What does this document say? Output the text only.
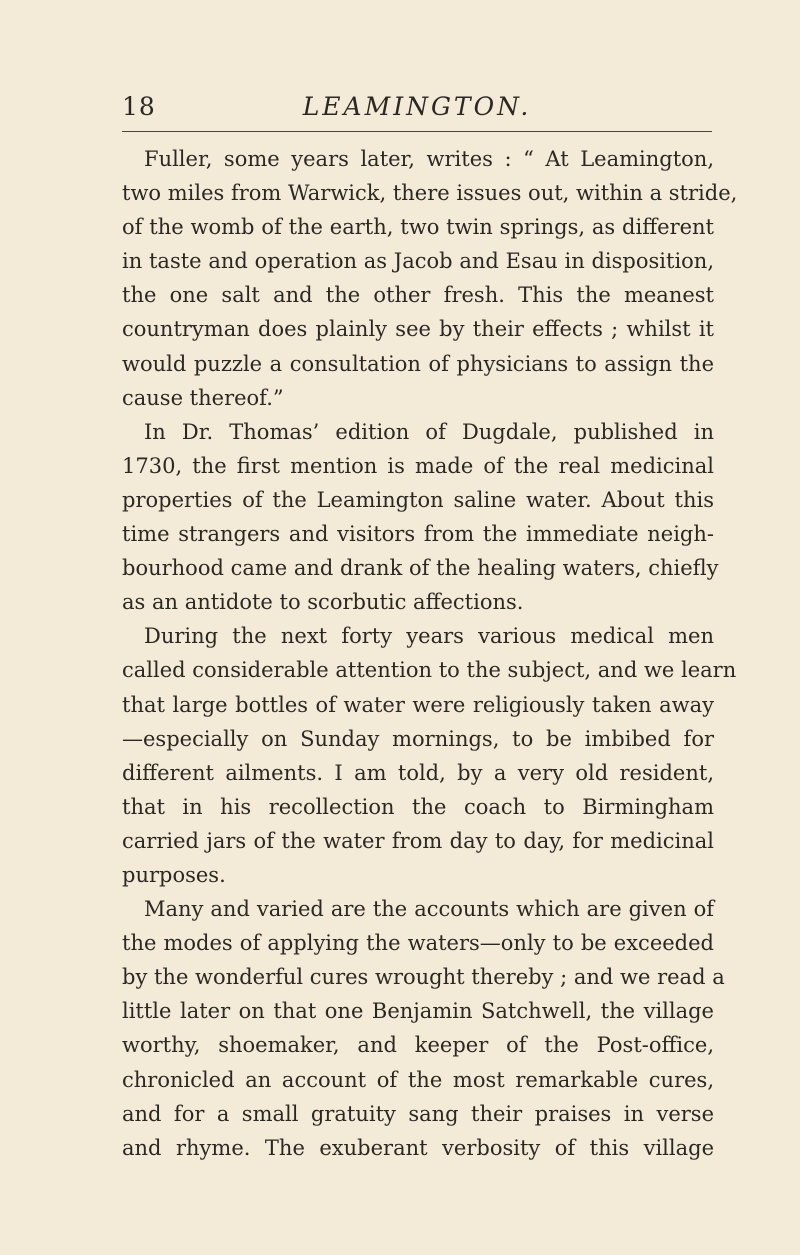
18	LEAMINGTON.
Fuller, some years later, writes : “ At Leamington,
two miles from Warwick, there issues out, within a stride,
of the womb of the earth, two twin springs, as different
in taste and operation as Jacob and Esau in disposition,
the one salt and the other fresh. This the meanest
countryman does plainly see by their effects ; whilst it
would puzzle a consultation of physicians to assign the
cause thereof.”
In Dr. Thomas’ edition of Dugdale, published in
1730, the first mention is made of the real medicinal
properties of the Leamington saline water. About this
time strangers and visitors from the immediate neigh-
bourhood came and drank of the healing waters, chiefly
as an antidote to scorbutic affections.
During the next forty years various medical men
called considerable attention to the subject, and we learn
that large bottles of water were religiously taken away
—especially on Sunday mornings, to be imbibed for
different ailments. I am told, by a very old resident,
that in his recollection the coach to Birmingham
carried jars of the water from day to day, for medicinal
purposes.
Many and varied are the accounts which are given of
the modes of applying the waters—only to be exceeded
by the wonderful cures wrought thereby ; and we read a
little later on that one Benjamin Satchwell, the village
worthy, shoemaker, and keeper of the Post-office,
chronicled an account of the most remarkable cures,
and for a small gratuity sang their praises in verse
and rhyme. The exuberant verbosity of this village
